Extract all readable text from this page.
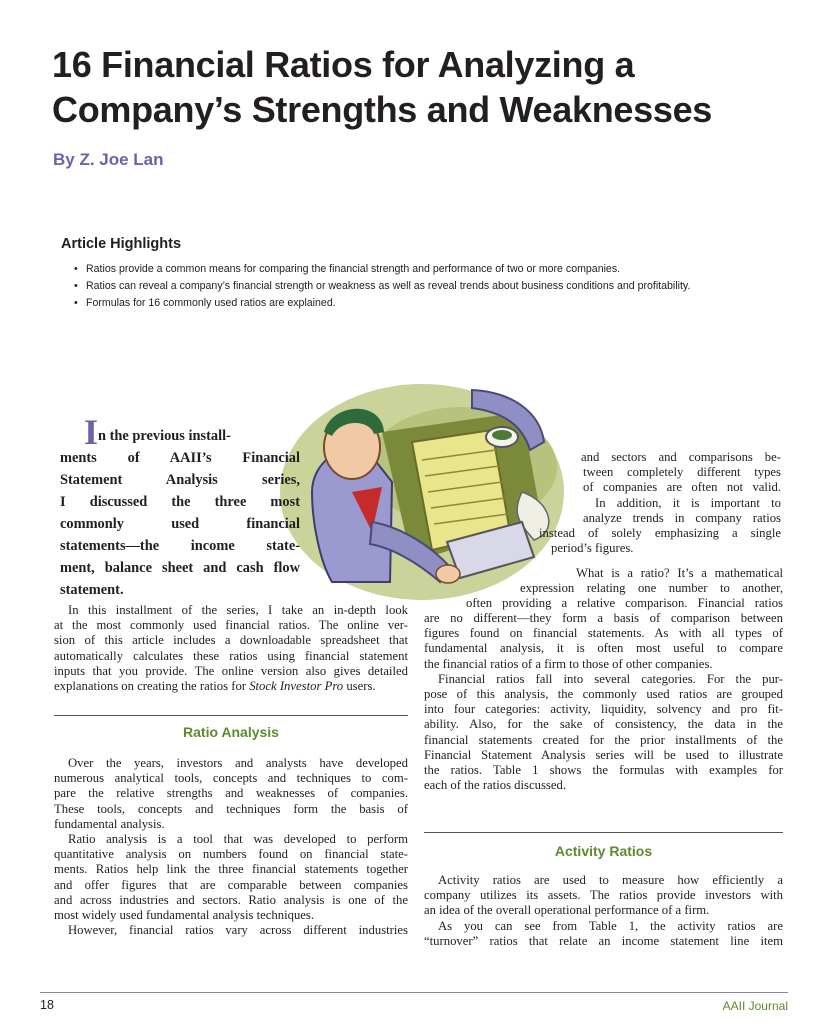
16 Financial Ratios for Analyzing a
Company’s Strengths and Weaknesses

By Z. Joe Lan

Article Highlights
• Ratios provide a common means for comparing the financial strength and performance of two or more companies.
• Ratios can reveal a company’s financial strength or weakness as well as reveal trends about business conditions and profitability.
• Formulas for 16 commonly used ratios are explained.
In the previous install-
ments of AAII’s Financial
Statement Analysis series,
I discussed the three most
commonly used financial
statements—the income state-
ment, balance sheet and cash flow
statement.
In this installment of the series, I take an in-depth look
at the most commonly used financial ratios. The online ver-
sion of this article includes a downloadable spreadsheet that
automatically calculates these ratios using financial statement
inputs that you provide. The online version also gives detailed
explanations on creating the ratios for Stock Investor Pro users.
Ratio Analysis
Over the years, investors and analysts have developed
numerous analytical tools, concepts and techniques to com-
pare the relative strengths and weaknesses of companies.
These tools, concepts and techniques form the basis of
fundamental analysis.
Ratio analysis is a tool that was developed to perform
quantitative analysis on numbers found on financial state-
ments. Ratios help link the three financial statements together
and offer figures that are comparable between companies
and across industries and sectors. Ratio analysis is one of the
most widely used fundamental analysis techniques.
However, financial ratios vary across different industries
and sectors and comparisons be-
tween completely different types
of companies are often not valid.
In addition, it is important to
analyze trends in company ratios
instead of solely emphasizing a single
period’s figures.
What is a ratio? It’s a mathematical
expression relating one number to another,
often providing a relative comparison. Financial ratios
are no different—they form a basis of comparison between
figures found on financial statements. As with all types of
fundamental analysis, it is often most useful to compare
the financial ratios of a firm to those of other companies.
Financial ratios fall into several categories. For the pur-
pose of this analysis, the commonly used ratios are grouped
into four categories: activity, liquidity, solvency and pro fit-
ability. Also, for the sake of consistency, the data in the
financial statements created for the prior installments of the
Financial Statement Analysis series will be used to illustrate
the ratios. Table 1 shows the formulas with examples for
each of the ratios discussed.
Activity Ratios
Activity ratios are used to measure how efficiently a
company utilizes its assets. The ratios provide investors with
an idea of the overall operational performance of a firm.
As you can see from Table 1, the activity ratios are
“turnover” ratios that relate an income statement line item
18	AAII Journal
